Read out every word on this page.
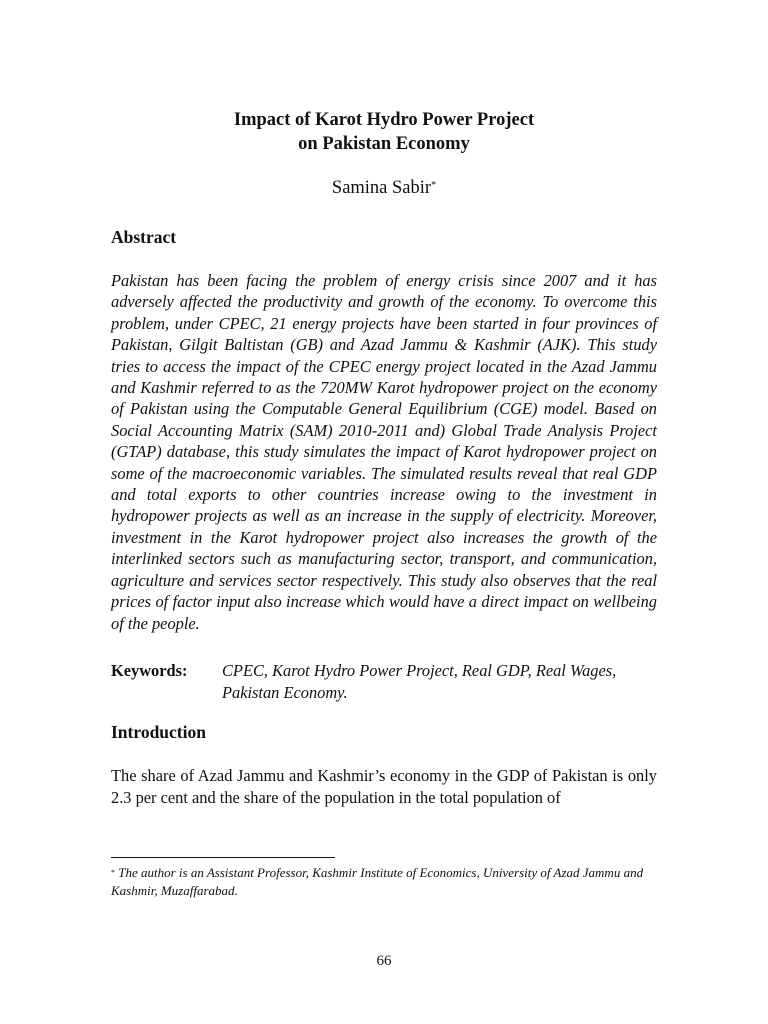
Impact of Karot Hydro Power Project
on Pakistan Economy
Samina Sabir*
Abstract

Pakistan has been facing the problem of energy crisis since 2007 and it has adversely affected the productivity and growth of the economy. To overcome this problem, under CPEC, 21 energy projects have been started in four provinces of Pakistan, Gilgit Baltistan (GB) and Azad Jammu & Kashmir (AJK). This study tries to access the impact of the CPEC energy project located in the Azad Jammu and Kashmir referred to as the 720MW Karot hydropower project on the economy of Pakistan using the Computable General Equilibrium (CGE) model. Based on Social Accounting Matrix (SAM) 2010-2011 and) Global Trade Analysis Project (GTAP) database, this study simulates the impact of Karot hydropower project on some of the macroeconomic variables. The simulated results reveal that real GDP and total exports to other countries increase owing to the investment in hydropower projects as well as an increase in the supply of electricity. Moreover, investment in the Karot hydropower project also increases the growth of the interlinked sectors such as manufacturing sector, transport, and communication, agriculture and services sector respectively. This study also observes that the real prices of factor input also increase which would have a direct impact on wellbeing of the people.

Keywords: CPEC, Karot Hydro Power Project, Real GDP, Real Wages, Pakistan Economy.

Introduction

The share of Azad Jammu and Kashmir’s economy in the GDP of Pakistan is only 2.3 per cent and the share of the population in the total population of

* The author is an Assistant Professor, Kashmir Institute of Economics, University of Azad Jammu and Kashmir, Muzaffarabad.

66
